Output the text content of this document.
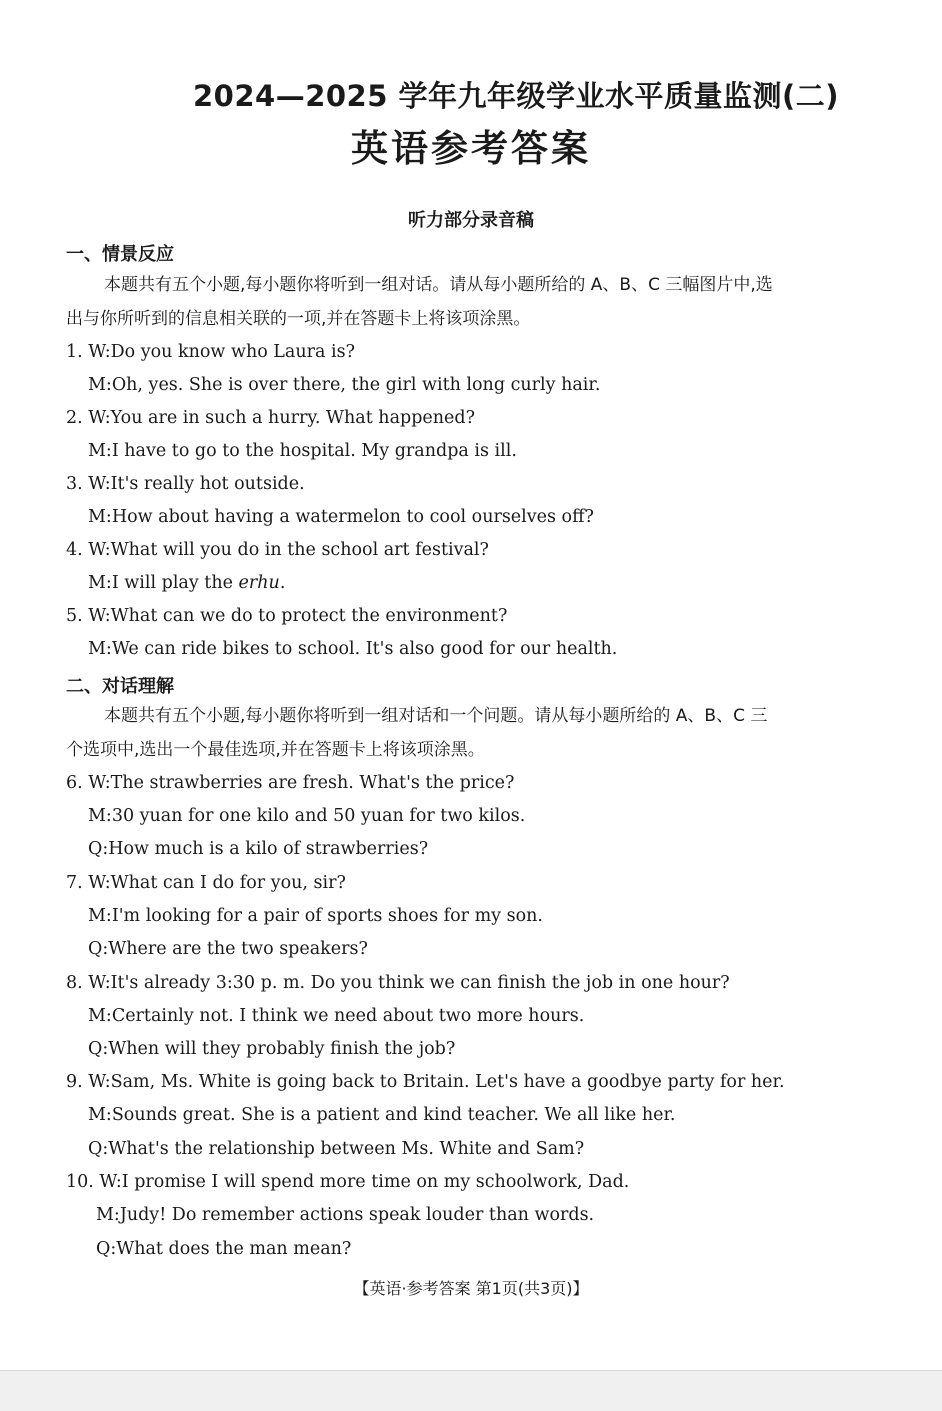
2024—2025 学年九年级学业水平质量监测(二)
英语参考答案
听力部分录音稿
一、情景反应
本题共有五个小题,每小题你将听到一组对话。请从每小题所给的 A、B、C 三幅图片中,选
出与你所听到的信息相关联的一项,并在答题卡上将该项涂黑。
1. W:Do you know who Laura is?
M:Oh, yes. She is over there, the girl with long curly hair.
2. W:You are in such a hurry. What happened?
M:I have to go to the hospital. My grandpa is ill.
3. W:It's really hot outside.
M:How about having a watermelon to cool ourselves off?
4. W:What will you do in the school art festival?
M:I will play the erhu.
5. W:What can we do to protect the environment?
M:We can ride bikes to school. It's also good for our health.
二、对话理解
本题共有五个小题,每小题你将听到一组对话和一个问题。请从每小题所给的 A、B、C 三
个选项中,选出一个最佳选项,并在答题卡上将该项涂黑。
6. W:The strawberries are fresh. What's the price?
M:30 yuan for one kilo and 50 yuan for two kilos.
Q:How much is a kilo of strawberries?
7. W:What can I do for you, sir?
M:I'm looking for a pair of sports shoes for my son.
Q:Where are the two speakers?
8. W:It's already 3:30 p. m. Do you think we can finish the job in one hour?
M:Certainly not. I think we need about two more hours.
Q:When will they probably finish the job?
9. W:Sam, Ms. White is going back to Britain. Let's have a goodbye party for her.
M:Sounds great. She is a patient and kind teacher. We all like her.
Q:What's the relationship between Ms. White and Sam?
10. W:I promise I will spend more time on my schoolwork, Dad.
M:Judy! Do remember actions speak louder than words.
Q:What does the man mean?
【英语·参考答案 第1页(共3页)】
